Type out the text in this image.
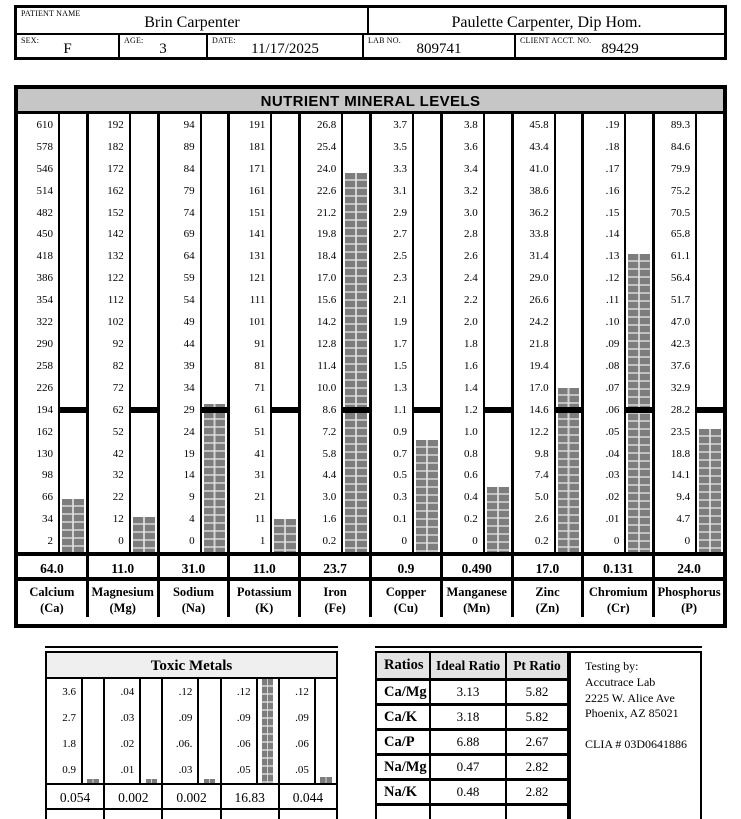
PATIENT NAME	Brin Carpenter	Paulette Carpenter, Dip Hom.
SEX: F	AGE: 3	DATE: 11/17/2025	LAB NO. 809741	CLIENT ACCT. NO. 89429
NUTRIENT MINERAL LEVELS
610
578
546
514
482
450
418
386
354
322
290
258
226
194
162
130
98
66
34
2
192
182
172
162
152
142
132
122
112
102
92
82
72
62
52
42
32
22
12
0
94
89
84
79
74
69
64
59
54
49
44
39
34
29
24
19
14
9
4
0
191
181
171
161
151
141
131
121
111
101
91
81
71
61
51
41
31
21
11
1
26.8
25.4
24.0
22.6
21.2
19.8
18.4
17.0
15.6
14.2
12.8
11.4
10.0
8.6
7.2
5.8
4.4
3.0
1.6
0.2
3.7
3.5
3.3
3.1
2.9
2.7
2.5
2.3
2.1
1.9
1.7
1.5
1.3
1.1
0.9
0.7
0.5
0.3
0.1
0
3.8
3.6
3.4
3.2
3.0
2.8
2.6
2.4
2.2
2.0
1.8
1.6
1.4
1.2
1.0
0.8
0.6
0.4
0.2
0
45.8
43.4
41.0
38.6
36.2
33.8
31.4
29.0
26.6
24.2
21.8
19.4
17.0
14.6
12.2
9.8
7.4
5.0
2.6
0.2
.19
.18
.17
.16
.15
.14
.13
.12
.11
.10
.09
.08
.07
.06
.05
.04
.03
.02
.01
0
89.3
84.6
79.9
75.2
70.5
65.8
61.1
56.4
51.7
47.0
42.3
37.6
32.9
28.2
23.5
18.8
14.1
9.4
4.7
0
64.0	11.0	31.0	11.0	23.7	0.9	0.490	17.0	0.131	24.0
Calcium
(Ca)
Magnesium
(Mg)
Sodium
(Na)
Potassium
(K)
Iron
(Fe)
Copper
(Cu)
Manganese
(Mn)
Zinc
(Zn)
Chromium
(Cr)
Phosphorus
(P)
Toxic Metals
3.6
2.7
1.8
0.9
.04
.03
.02
.01
.12
.09
.06.
.03
.12
.09
.06
.05
.12
.09
.06
.05
0.054	0.002	0.002	16.83	0.044
Ratios Ideal Ratio Pt Ratio
Ca/Mg	3.13	5.82
Ca/K	3.18	5.82
Ca/P	6.88	2.67
Na/Mg	0.47	2.82
Na/K	0.48	2.82
Testing by:
Accutrace Lab
2225 W. Alice Ave
Phoenix, AZ 85021
CLIA # 03D0641886
